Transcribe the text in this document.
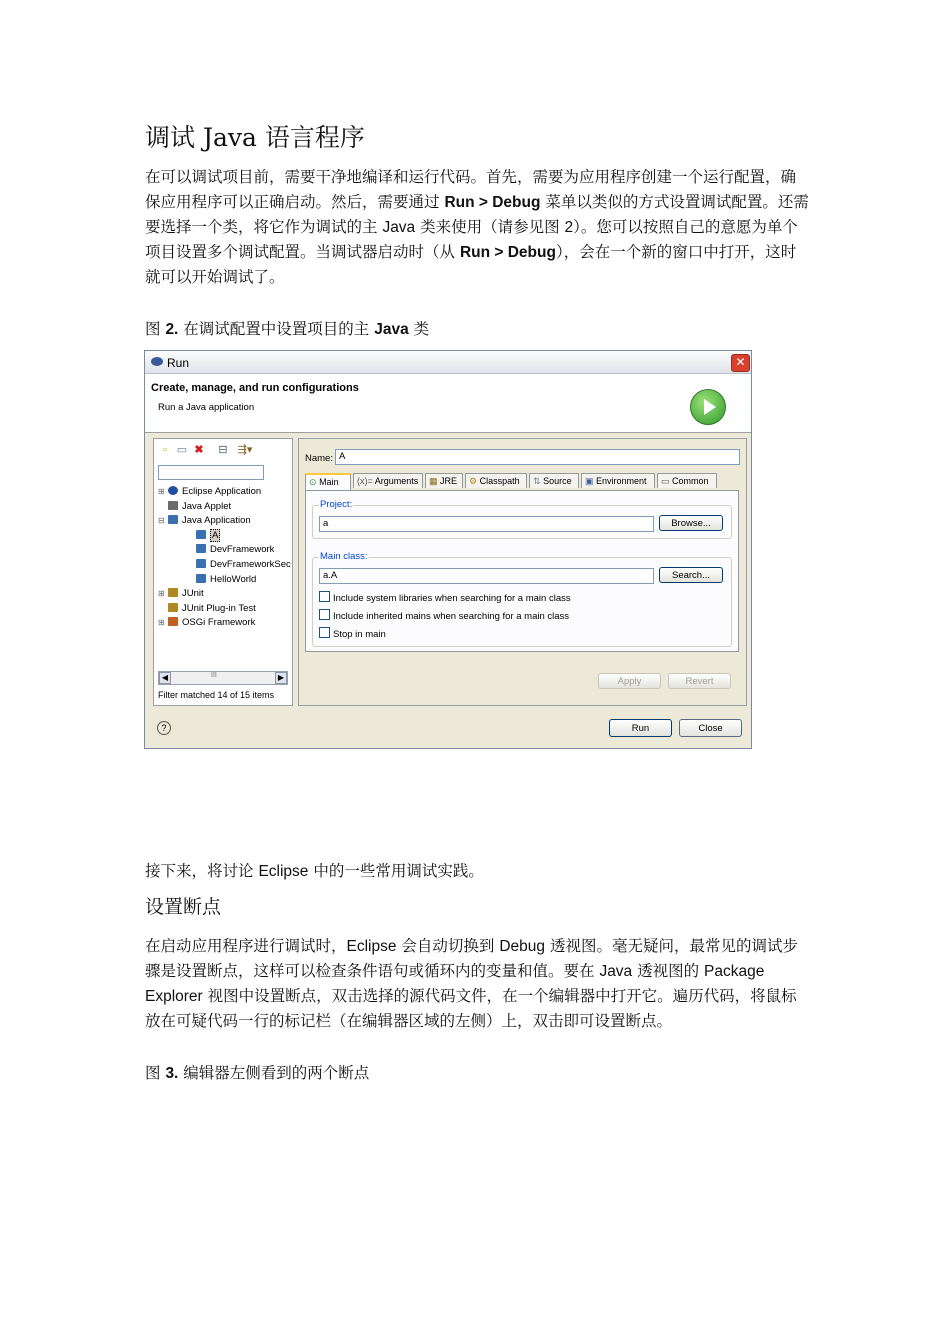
调试 Java 语言程序
在可以调试项目前，需要干净地编译和运行代码。首先，需要为应用程序创建一个运行配置，确保应用程序可以正确启动。然后，需要通过 Run > Debug 菜单以类似的方式设置调试配置。还需要选择一个类，将它作为调试的主 Java 类来使用（请参见图 2）。您可以按照自己的意愿为单个项目设置多个调试配置。当调试器启动时（从 Run > Debug），会在一个新的窗口中打开，这时就可以开始调试了。
图 2. 在调试配置中设置项目的主 Java 类
Run	✕
Create, manage, and run configurations
Run a Java application
▫ ▭ ✖ ⊟ ⇶▾
⊞ Eclipse Application
Java Applet
⊟ Java Application
A
DevFramework
DevFrameworkSec
HelloWorld
⊞ JUnit
JUnit Plug-in Test
⊞ OSGi Framework
◀	III	▶
Filter matched 14 of 15 items
Name: A
⊙ Main	(x)= Arguments	▦ JRE	⚙ Classpath	⇅ Source	▣ Environment	▭ Common
Project:
a	Browse...
Main class:
a.A	Search...
Include system libraries when searching for a main class
Include inherited mains when searching for a main class
Stop in main
Apply	Revert
?	Run	Close
接下来，将讨论 Eclipse 中的一些常用调试实践。
设置断点
在启动应用程序进行调试时，Eclipse 会自动切换到 Debug 透视图。毫无疑问，最常见的调试步骤是设置断点，这样可以检查条件语句或循环内的变量和值。要在 Java 透视图的 Package Explorer 视图中设置断点，双击选择的源代码文件，在一个编辑器中打开它。遍历代码，将鼠标放在可疑代码一行的标记栏（在编辑器区域的左侧）上，双击即可设置断点。
图 3. 编辑器左侧看到的两个断点
